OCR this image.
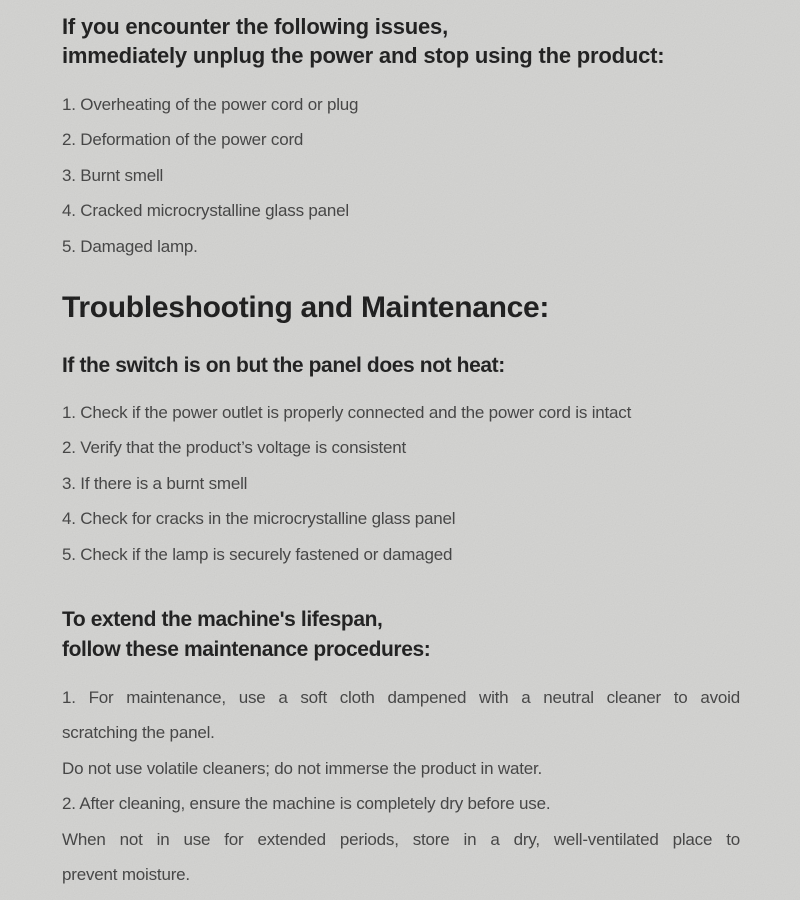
If you encounter the following issues,
immediately unplug the power and stop using the product:
1. Overheating of the power cord or plug
2. Deformation of the power cord
3. Burnt smell
4. Cracked microcrystalline glass panel
5. Damaged lamp.
Troubleshooting and Maintenance:
If the switch is on but the panel does not heat:
1. Check if the power outlet is properly connected and the power cord is intact
2. Verify that the product’s voltage is consistent
3. If there is a burnt smell
4. Check for cracks in the microcrystalline glass panel
5. Check if the lamp is securely fastened or damaged
To extend the machine's lifespan,
follow these maintenance procedures:
1. For maintenance, use a soft cloth dampened with a neutral cleaner to avoid
scratching the panel.
Do not use volatile cleaners; do not immerse the product in water.
2. After cleaning, ensure the machine is completely dry before use.
When not in use for extended periods, store in a dry, well-ventilated place to
prevent moisture.
